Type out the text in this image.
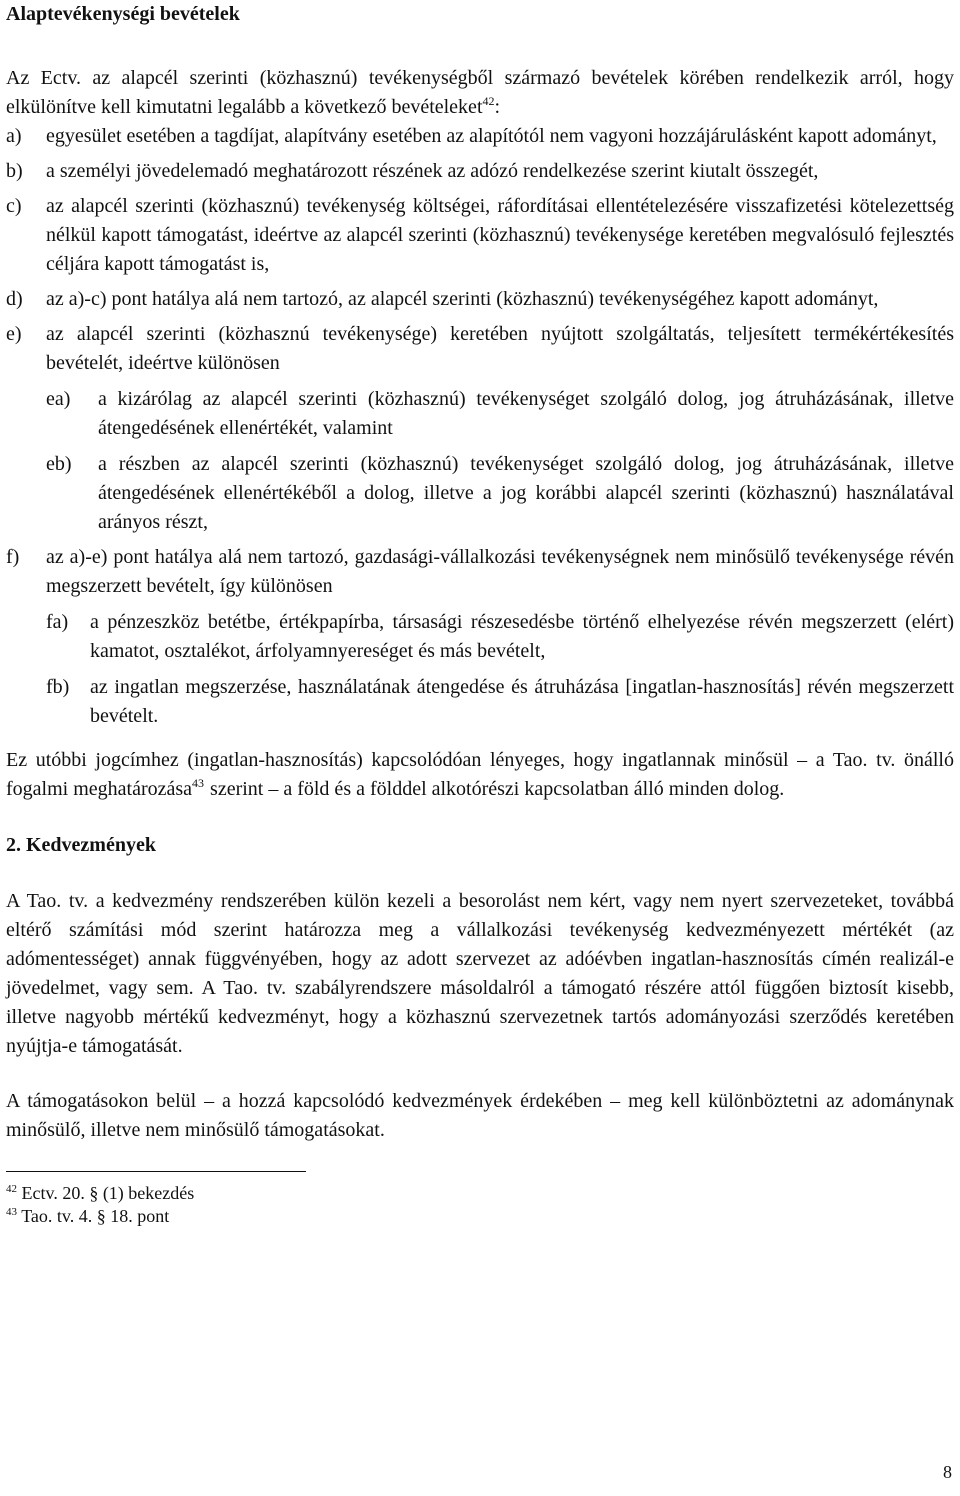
Alaptevékenységi bevételek

Az Ectv. az alapcél szerinti (közhasznú) tevékenységből származó bevételek körében rendelkezik arról, hogy elkülönítve kell kimutatni legalább a következő bevételeket$^{42}$:

a)	egyesület esetében a tagdíjat, alapítvány esetében az alapítótól nem vagyoni hozzájárulásként kapott adományt,
b)	a személyi jövedelemadó meghatározott részének az adózó rendelkezése szerint kiutalt összegét,
c)	az alapcél szerinti (közhasznú) tevékenység költségei, ráfordításai ellentételezésére visszafizetési kötelezettség nélkül kapott támogatást, ideértve az alapcél szerinti (közhasznú) tevékenysége keretében megvalósuló fejlesztés céljára kapott támogatást is,
d)	az a)-c) pont hatálya alá nem tartozó, az alapcél szerinti (közhasznú) tevékenységéhez kapott adományt,
e)	az alapcél szerinti (közhasznú tevékenysége) keretében nyújtott szolgáltatás, teljesített termékértékesítés bevételét, ideértve különösen
ea)	a kizárólag az alapcél szerinti (közhasznú) tevékenységet szolgáló dolog, jog átruházásának, illetve átengedésének ellenértékét, valamint
eb)	a részben az alapcél szerinti (közhasznú) tevékenységet szolgáló dolog, jog átruházásának, illetve átengedésének ellenértékéből a dolog, illetve a jog korábbi alapcél szerinti (közhasznú) használatával arányos részt,
f)	az a)-e) pont hatálya alá nem tartozó, gazdasági-vállalkozási tevékenységnek nem minősülő tevékenysége révén megszerzett bevételt, így különösen
fa)	a pénzeszköz betétbe, értékpapírba, társasági részesedésbe történő elhelyezése révén megszerzett (elért) kamatot, osztalékot, árfolyamnyereséget és más bevételt,
fb)	az ingatlan megszerzése, használatának átengedése és átruházása [ingatlan-hasznosítás] révén megszerzett bevételt.

Ez utóbbi jogcímhez (ingatlan-hasznosítás) kapcsolódóan lényeges, hogy ingatlannak minősül – a Tao. tv. önálló fogalmi meghatározása$^{43}$ szerint – a föld és a földdel alkotórészi kapcsolatban álló minden dolog.

2. Kedvezmények

A Tao. tv. a kedvezmény rendszerében külön kezeli a besorolást nem kért, vagy nem nyert szervezeteket, továbbá eltérő számítási mód szerint határozza meg a vállalkozási tevékenység kedvezményezett mértékét (az adómentességet) annak függvényében, hogy az adott szervezet az adóévben ingatlan-hasznosítás címén realizál-e jövedelmet, vagy sem. A Tao. tv. szabályrendszere másoldalról a támogató részére attól függően biztosít kisebb, illetve nagyobb mértékű kedvezményt, hogy a közhasznú szervezetnek tartós adományozási szerződés keretében nyújtja-e támogatását.

A támogatásokon belül – a hozzá kapcsolódó kedvezmények érdekében – meg kell különböztetni az adománynak minősülő, illetve nem minősülő támogatásokat.

$^{42}$ Ectv. 20. § (1) bekezdés
$^{43}$ Tao. tv. 4. § 18. pont
8
